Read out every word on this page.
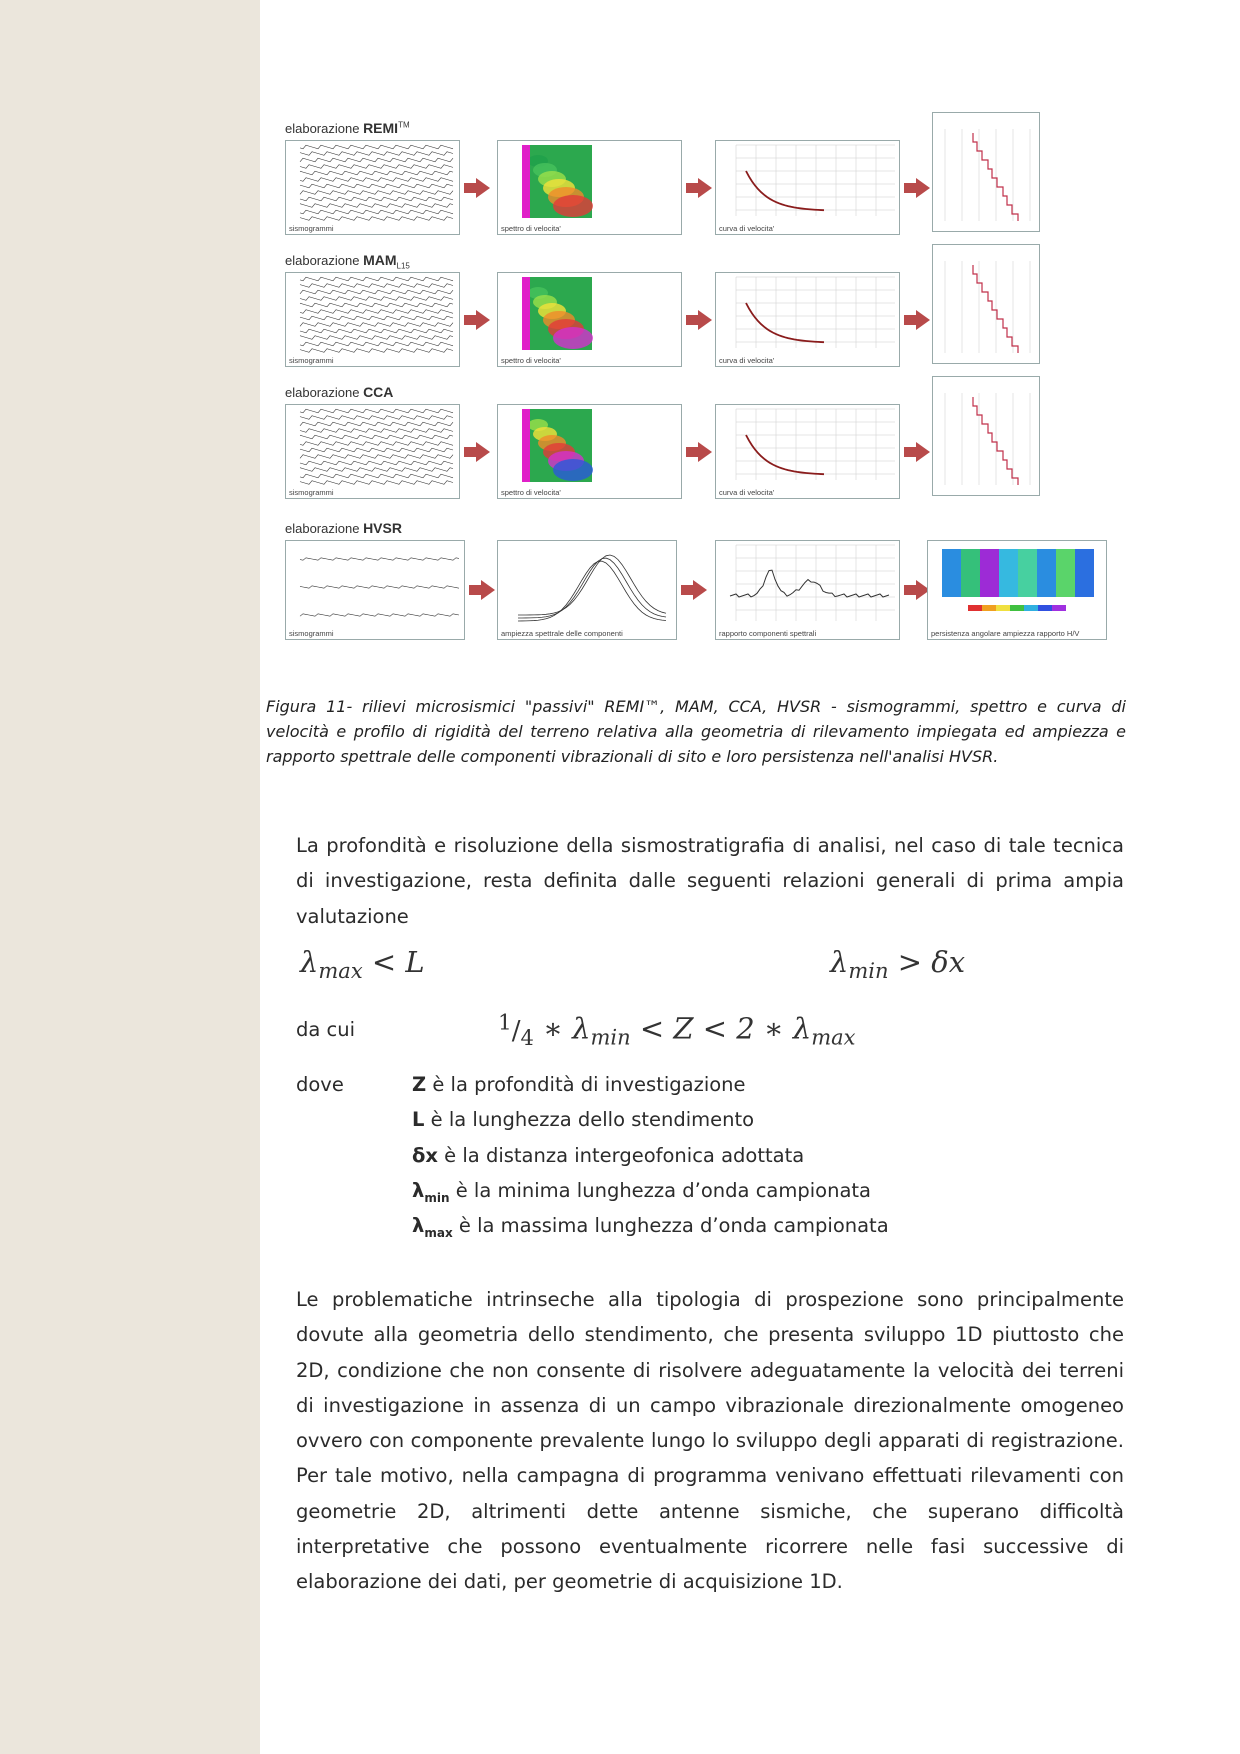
elaborazione REMI™
sismogrammi	spettro di velocita'	curva di velocita'
elaborazione $MAM_{L15}$
sismogrammi	spettro di velocita'	curva di velocita'
elaborazione CCA
sismogrammi	spettro di velocita'	curva di velocita'
elaborazione HVSR
sismogrammi	ampiezza spettrale delle componenti	rapporto componenti spettrali	persistenza angolare ampiezza rapporto H/V
Figura 11- rilievi microsismici "passivi" REMI™, MAM, CCA, HVSR - sismogrammi, spettro e curva di velocità e profilo di rigidità del terreno relativa alla geometria di rilevamento impiegata ed ampiezza e rapporto spettrale delle componenti vibrazionali di sito e loro persistenza nell'analisi HVSR.
La profondità e risoluzione della sismostratigrafia di analisi, nel caso di tale tecnica di investigazione, resta definita dalle seguenti relazioni generali di prima ampia valutazione
$\lambda_{max} < L$	$\lambda_{min} > \delta x$
da cui	$^1/_4$ ∗ $\lambda_{min} < Z < 2$ ∗ $\lambda_{max}$
dove	Z è la profondità di investigazione
L è la lunghezza dello stendimento
δx è la distanza intergeofonica adottata
$\lambda_{min}$ è la minima lunghezza d’onda campionata
$\lambda_{max}$ è la massima lunghezza d’onda campionata
Le problematiche intrinseche alla tipologia di prospezione sono principalmente dovute alla geometria dello stendimento, che presenta sviluppo 1D piuttosto che 2D, condizione che non consente di risolvere adeguatamente la velocità dei terreni di investigazione in assenza di un campo vibrazionale direzionalmente omogeneo ovvero con componente prevalente lungo lo sviluppo degli apparati di registrazione. Per tale motivo, nella campagna di programma venivano effettuati rilevamenti con geometrie 2D, altrimenti dette antenne sismiche, che superano difficoltà interpretative che possono eventualmente ricorrere nelle fasi successive di elaborazione dei dati, per geometrie di acquisizione 1D.
